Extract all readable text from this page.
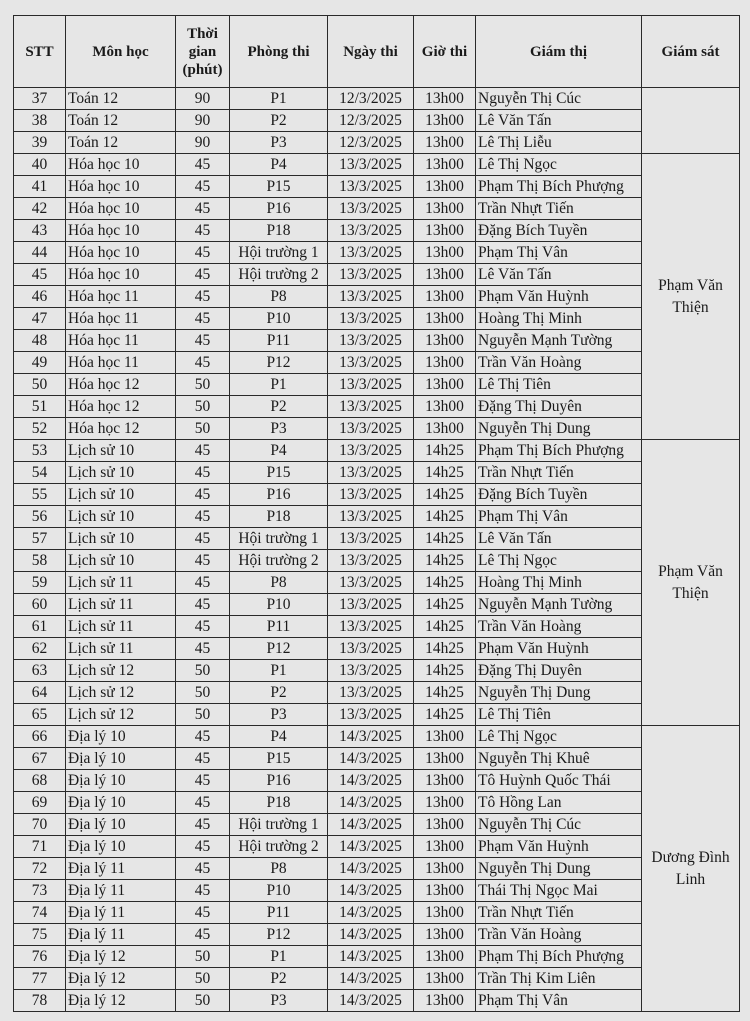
STT	Môn học	Thời
gian
(phút)	Phòng thi	Ngày thi	Giờ thi	Giám thị	Giám sát
37	Toán 12	90	P1	12/3/2025	13h00	Nguyễn Thị Cúc	

38	Toán 12	90	P2	12/3/2025	13h00	Lê Văn Tấn	
39	Toán 12	90	P3	12/3/2025	13h00	Lê Thị Liễu	
40	Hóa học 10	45	P4	13/3/2025	13h00	Lê Thị Ngọc	Phạm Văn
Thiện

41	Hóa học 10	45	P15	13/3/2025	13h00	Phạm Thị Bích Phượng	
42	Hóa học 10	45	P16	13/3/2025	13h00	Trần Nhựt Tiến	
43	Hóa học 10	45	P18	13/3/2025	13h00	Đặng Bích Tuyền	
44	Hóa học 10	45	Hội trường 1	13/3/2025	13h00	Phạm Thị Vân	
45	Hóa học 10	45	Hội trường 2	13/3/2025	13h00	Lê Văn Tấn	
46	Hóa học 11	45	P8	13/3/2025	13h00	Phạm Văn Huỳnh	
47	Hóa học 11	45	P10	13/3/2025	13h00	Hoàng Thị Minh	
48	Hóa học 11	45	P11	13/3/2025	13h00	Nguyễn Mạnh Tường	
49	Hóa học 11	45	P12	13/3/2025	13h00	Trần Văn Hoàng	
50	Hóa học 12	50	P1	13/3/2025	13h00	Lê Thị Tiên	
51	Hóa học 12	50	P2	13/3/2025	13h00	Đặng Thị Duyên	
52	Hóa học 12	50	P3	13/3/2025	13h00	Nguyễn Thị Dung	
53	Lịch sử 10	45	P4	13/3/2025	14h25	Phạm Thị Bích Phượng	Phạm Văn
Thiện

54	Lịch sử 10	45	P15	13/3/2025	14h25	Trần Nhựt Tiến	
55	Lịch sử 10	45	P16	13/3/2025	14h25	Đặng Bích Tuyền	
56	Lịch sử 10	45	P18	13/3/2025	14h25	Phạm Thị Vân	
57	Lịch sử 10	45	Hội trường 1	13/3/2025	14h25	Lê Văn Tấn	
58	Lịch sử 10	45	Hội trường 2	13/3/2025	14h25	Lê Thị Ngọc	
59	Lịch sử 11	45	P8	13/3/2025	14h25	Hoàng Thị Minh	
60	Lịch sử 11	45	P10	13/3/2025	14h25	Nguyễn Mạnh Tường	
61	Lịch sử 11	45	P11	13/3/2025	14h25	Trần Văn Hoàng	
62	Lịch sử 11	45	P12	13/3/2025	14h25	Phạm Văn Huỳnh	
63	Lịch sử 12	50	P1	13/3/2025	14h25	Đặng Thị Duyên	
64	Lịch sử 12	50	P2	13/3/2025	14h25	Nguyễn Thị Dung	
65	Lịch sử 12	50	P3	13/3/2025	14h25	Lê Thị Tiên	
66	Địa lý 10	45	P4	14/3/2025	13h00	Lê Thị Ngọc	Dương Đình
Linh

67	Địa lý 10	45	P15	14/3/2025	13h00	Nguyễn Thị Khuê	
68	Địa lý 10	45	P16	14/3/2025	13h00	Tô Huỳnh Quốc Thái	
69	Địa lý 10	45	P18	14/3/2025	13h00	Tô Hồng Lan	
70	Địa lý 10	45	Hội trường 1	14/3/2025	13h00	Nguyễn Thị Cúc	
71	Địa lý 10	45	Hội trường 2	14/3/2025	13h00	Phạm Văn Huỳnh	
72	Địa lý 11	45	P8	14/3/2025	13h00	Nguyễn Thị Dung	
73	Địa lý 11	45	P10	14/3/2025	13h00	Thái Thị Ngọc Mai	
74	Địa lý 11	45	P11	14/3/2025	13h00	Trần Nhựt Tiến	
75	Địa lý 11	45	P12	14/3/2025	13h00	Trần Văn Hoàng	
76	Địa lý 12	50	P1	14/3/2025	13h00	Phạm Thị Bích Phượng	
77	Địa lý 12	50	P2	14/3/2025	13h00	Trần Thị Kim Liên	
78	Địa lý 12	50	P3	14/3/2025	13h00	Phạm Thị Vân	
